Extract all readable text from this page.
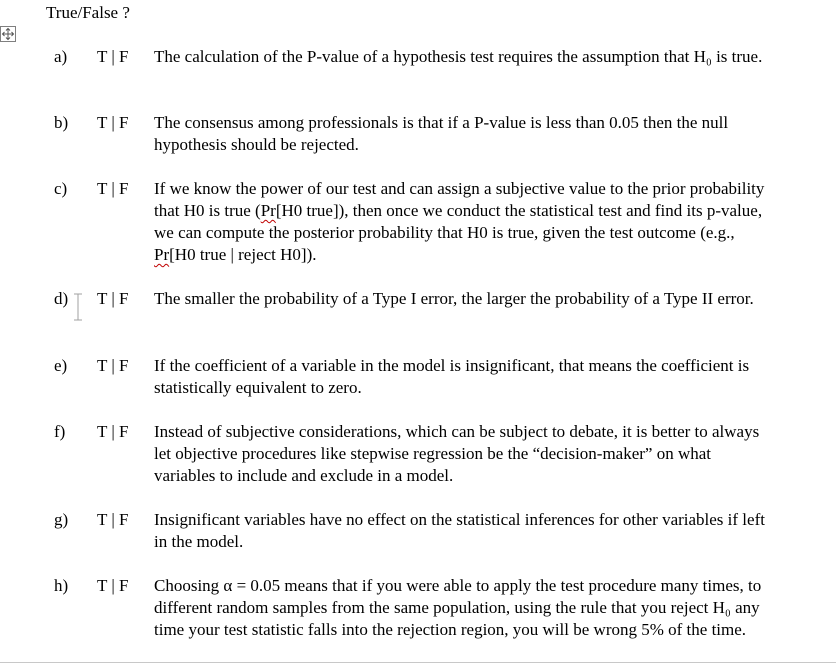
True/False ?
a) T | F The calculation of the P-value of a hypothesis test requires the assumption that H₀ is true.
b) T | F The consensus among professionals is that if a P-value is less than 0.05 then the null hypothesis should be rejected.
c) T | F If we know the power of our test and can assign a subjective value to the prior probability that H0 is true (Pr[H0 true]), then once we conduct the statistical test and find its p-value, we can compute the posterior probability that H0 is true, given the test outcome (e.g., Pr[H0 true | reject H0]).
d) T | F The smaller the probability of a Type I error, the larger the probability of a Type II error.
e) T | F If the coefficient of a variable in the model is insignificant, that means the coefficient is statistically equivalent to zero.
f) T | F Instead of subjective considerations, which can be subject to debate, it is better to always let objective procedures like stepwise regression be the “decision-maker” on what variables to include and exclude in a model.
g) T | F Insignificant variables have no effect on the statistical inferences for other variables if left in the model.
h) T | F Choosing α = 0.05 means that if you were able to apply the test procedure many times, to different random samples from the same population, using the rule that you reject H₀ any time your test statistic falls into the rejection region, you will be wrong 5% of the time.
